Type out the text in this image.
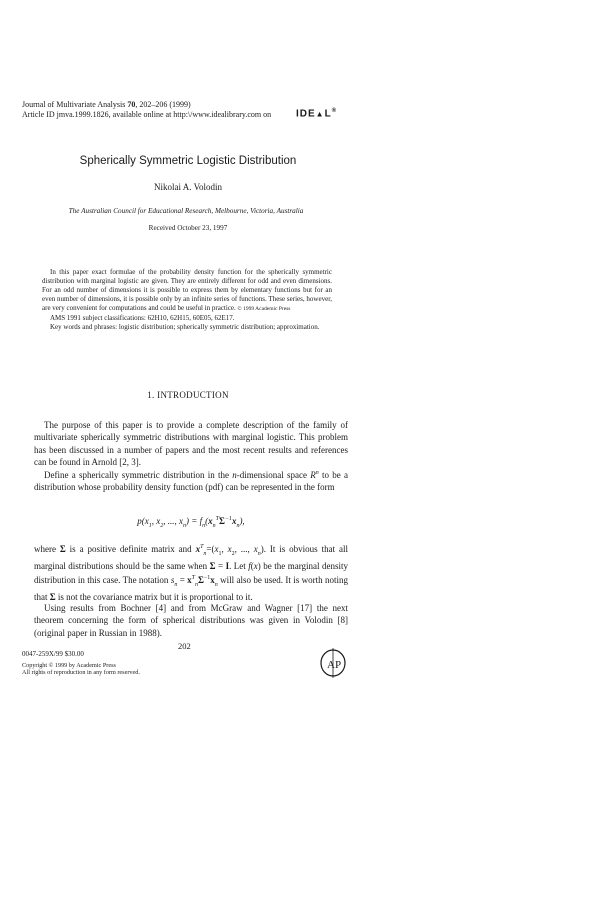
Journal of Multivariate Analysis 70, 202–206 (1999)
Article ID jmva.1999.1826, available online at http:\/www.idealibrary.com on IDE▲L®
Spherically Symmetric Logistic Distribution
Nikolai A. Volodin
The Australian Council for Educational Research, Melbourne, Victoria, Australia
Received October 23, 1997

In this paper exact formulae of the probability density function for the spherically symmetric distribution with marginal logistic are given. They are entirely different for odd and even dimensions. For an odd number of dimensions it is possible to express them by elementary functions but for an even number of dimensions, it is possible only by an infinite series of functions. These series, however, are very convenient for computations and could be useful in practice. © 1999 Academic Press

AMS 1991 subject classifications: 62H10, 62H15, 60E05, 62E17.

Key words and phrases: logistic distribution; spherically symmetric distribution; approximation.

1. INTRODUCTION

The purpose of this paper is to provide a complete description of the family of multivariate spherically symmetric distributions with marginal logistic. This problem has been discussed in a number of papers and the most recent results and references can be found in Arnold [2, 3].

Define a spherically symmetric distribution in the n-dimensional space $R^n$ to be a distribution whose probability density function (pdf) can be represented in the form

$p(x_1$, $x_2$, ..., $x_n) = f_n(x_n^T\Sigma^{-1}x_n)$,

where Σ is a positive definite matrix and $x^T_n=(x_1$, $x_2$, ..., $x_n$). It is obvious that all marginal distributions should be the same when Σ = I. Let f(x) be the marginal density distribution in this case. The notation $s_n = x^T_n\Sigma^{-1}x_n$ will also be used. It is worth noting that Σ is not the covariance matrix but it is proportional to it.

Using results from Bochner [4] and from McGraw and Wagner [17] the next theorem concerning the form of spherical distributions was given in Volodin [8] (original paper in Russian in 1988).

202
0047-259X/99 $30.00
Copyright © 1999 by Academic Press
All rights of reproduction in any form reserved.
AP
